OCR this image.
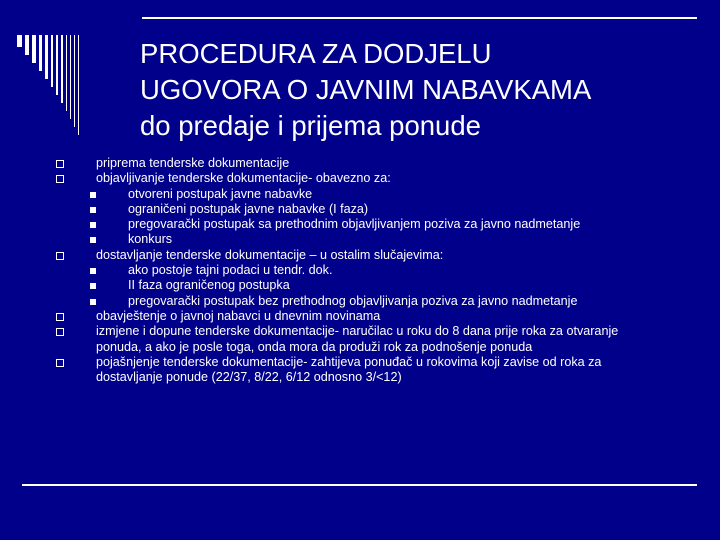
PROCEDURA ZA DODJELU
UGOVORA O JAVNIM NABAVKAMA
do predaje i prijema ponude
priprema tenderske dokumentacije
objavljivanje tenderske dokumentacije- obavezno za:
otvoreni postupak javne nabavke
ograničeni postupak javne nabavke (I faza)
pregovarački postupak sa prethodnim objavljivanjem poziva za javno nadmetanje
konkurs
dostavljanje tenderske dokumentacije – u ostalim slučajevima:
ako postoje tajni podaci u tendr. dok.
II faza ograničenog postupka
pregovarački postupak bez prethodnog objavljivanja poziva za javno nadmetanje
obavještenje o javnoj nabavci u dnevnim novinama
izmjene i dopune tenderske dokumentacije- naručilac u roku do 8 dana prije roka za otvaranje ponuda, a ako je posle toga, onda mora da produži rok za podnošenje ponuda
pojašnjenje tenderske dokumentacije- zahtijeva ponuđač u rokovima koji zavise od roka za dostavljanje ponude (22/37, 8/22, 6/12 odnosno 3/<12)
